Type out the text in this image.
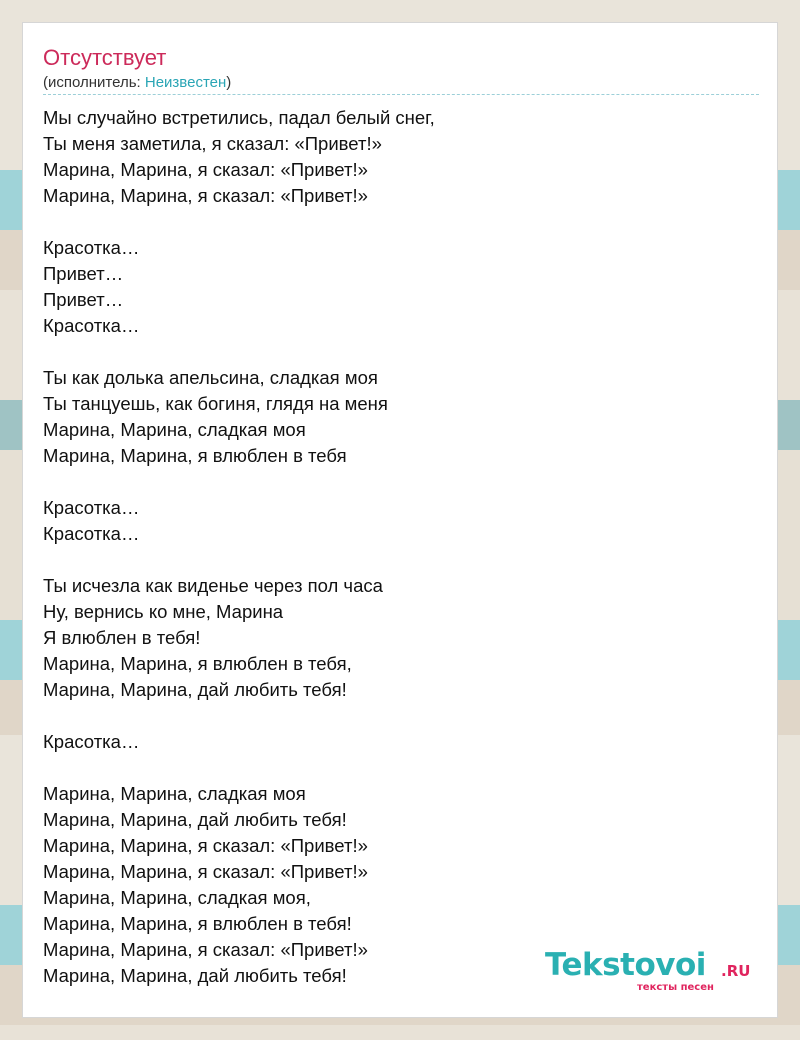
Отсутствует
(исполнитель: Неизвестен)
Мы случайно встретились, падал белый снег,
Ты меня заметила, я сказал: «Привет!»
Марина, Марина, я сказал: «Привет!»
Марина, Марина, я сказал: «Привет!»
Красотка…
Привет…
Привет…
Красотка…
Ты как долька апельсина, сладкая моя
Ты танцуешь, как богиня, глядя на меня
Марина, Марина, сладкая моя
Марина, Марина, я влюблен в тебя
Красотка…
Красотка…
Ты исчезла как виденье через пол часа
Ну, вернись ко мне, Марина
Я влюблен в тебя!
Марина, Марина, я влюблен в тебя,
Марина, Марина, дай любить тебя!
Красотка…
Марина, Марина, сладкая моя
Марина, Марина, дай любить тебя!
Марина, Марина, я сказал: «Привет!»
Марина, Марина, я сказал: «Привет!»
Марина, Марина, сладкая моя,
Марина, Марина, я влюблен в тебя!
Марина, Марина, я сказал: «Привет!»
Марина, Марина, дай любить тебя!	Tekstovoi .RU
тексты песен
